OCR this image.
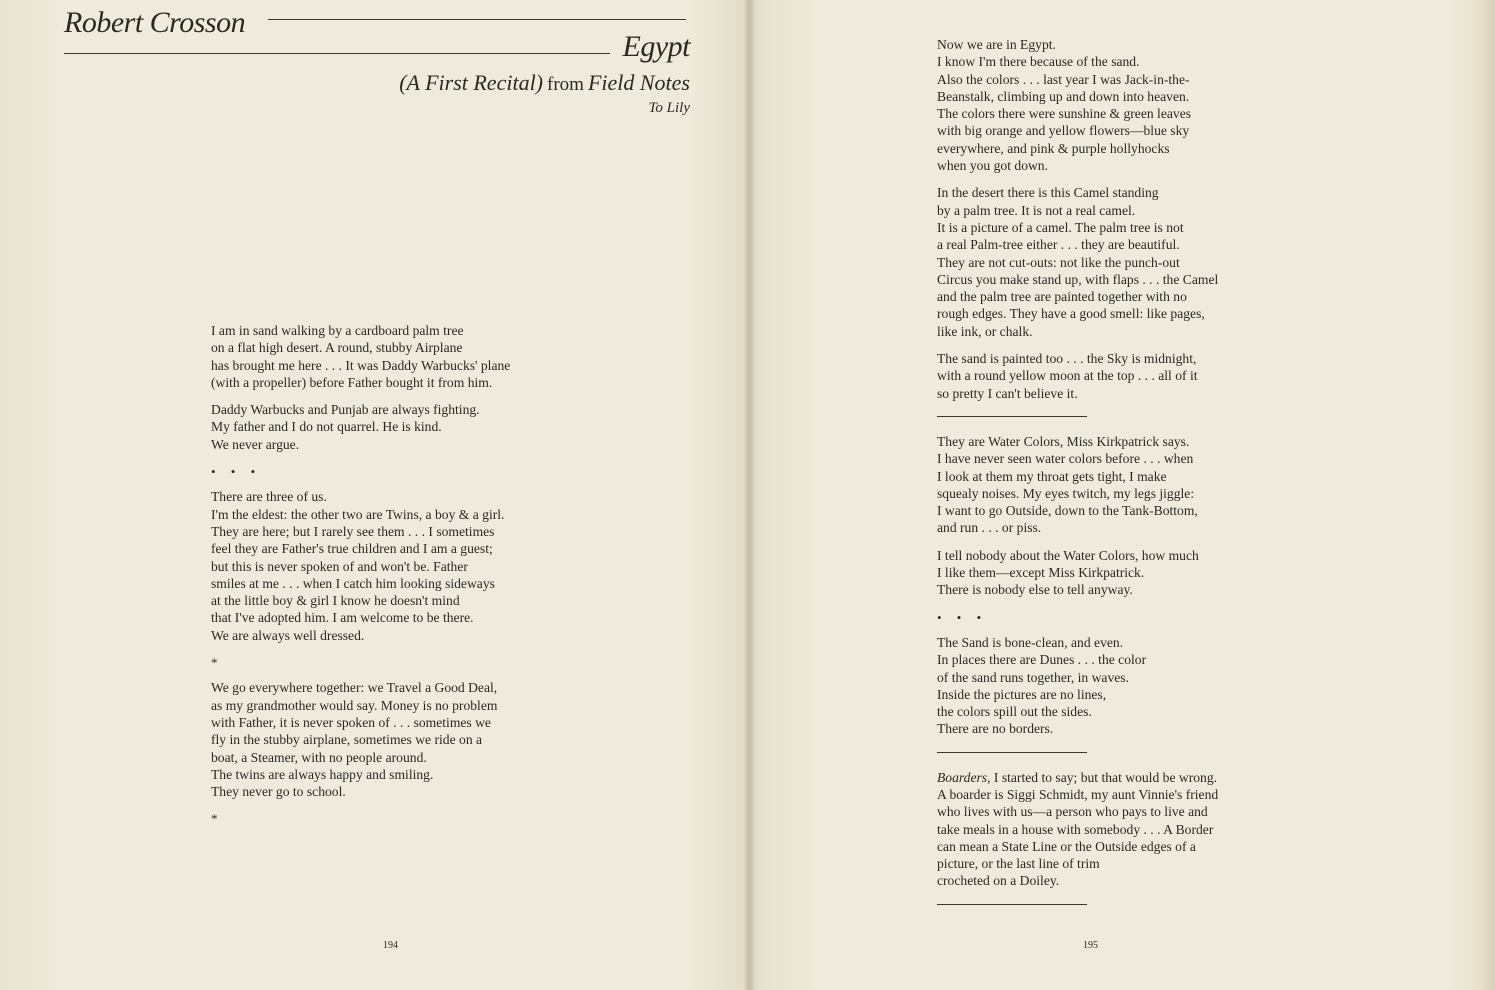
Robert Crosson
Egypt
(A First Recital) from Field Notes
To Lily

I am in sand walking by a cardboard palm tree
on a flat high desert. A round, stubby Airplane
has brought me here . . . It was Daddy Warbucks' plane
(with a propeller) before Father bought it from him.

Daddy Warbucks and Punjab are always fighting.
My father and I do not quarrel. He is kind.
We never argue.

• • •

There are three of us.
I'm the eldest: the other two are Twins, a boy & a girl.
They are here; but I rarely see them . . . I sometimes
feel they are Father's true children and I am a guest;
but this is never spoken of and won't be. Father
smiles at me . . . when I catch him looking sideways
at the little boy & girl I know he doesn't mind
that I've adopted him. I am welcome to be there.
We are always well dressed.

*

We go everywhere together: we Travel a Good Deal,
as my grandmother would say. Money is no problem
with Father, it is never spoken of . . . sometimes we
fly in the stubby airplane, sometimes we ride on a
boat, a Steamer, with no people around.
The twins are always happy and smiling.
They never go to school.

*
194	195

Now we are in Egypt.
I know I'm there because of the sand.
Also the colors . . . last year I was Jack-in-the-
Beanstalk, climbing up and down into heaven.
The colors there were sunshine & green leaves
with big orange and yellow flowers—blue sky
everywhere, and pink & purple hollyhocks
when you got down.

In the desert there is this Camel standing
by a palm tree. It is not a real camel.
It is a picture of a camel. The palm tree is not
a real Palm-tree either . . . they are beautiful.
They are not cut-outs: not like the punch-out
Circus you make stand up, with flaps . . . the Camel
and the palm tree are painted together with no
rough edges. They have a good smell: like pages,
like ink, or chalk.

The sand is painted too . . . the Sky is midnight,
with a round yellow moon at the top . . . all of it
so pretty I can't believe it.

They are Water Colors, Miss Kirkpatrick says.
I have never seen water colors before . . . when
I look at them my throat gets tight, I make
squealy noises. My eyes twitch, my legs jiggle:
I want to go Outside, down to the Tank-Bottom,
and run . . . or piss.

I tell nobody about the Water Colors, how much
I like them—except Miss Kirkpatrick.
There is nobody else to tell anyway.

• • •

The Sand is bone-clean, and even.
In places there are Dunes . . . the color
of the sand runs together, in waves.
Inside the pictures are no lines,
the colors spill out the sides.
There are no borders.

Boarders, I started to say; but that would be wrong.
A boarder is Siggi Schmidt, my aunt Vinnie's friend
who lives with us—a person who pays to live and
take meals in a house with somebody . . . A Border
can mean a State Line or the Outside edges of a
picture, or the last line of trim
crocheted on a Doiley.
